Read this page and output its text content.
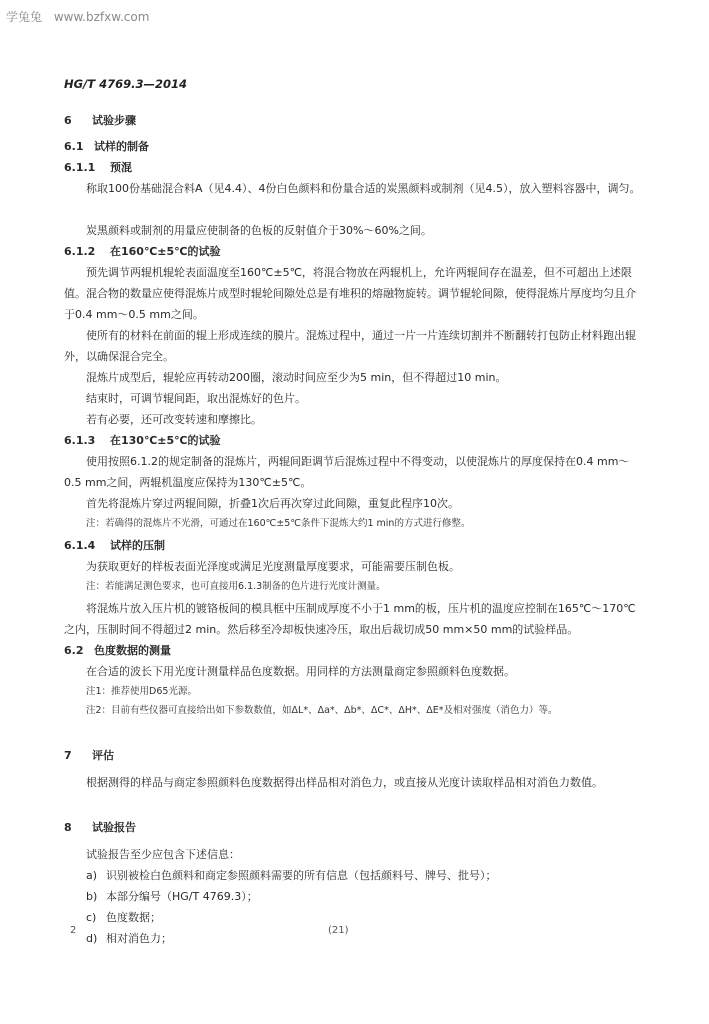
学兔兔 www.bzfxw.com
HG/T 4769.3—2014
6 试验步骤
6.1 试样的制备
6.1.1 预混
称取100份基础混合料A（见4.4）、4份白色颜料和份量合适的炭黑颜料或制剂（见4.5），放入塑料容器中，调匀。
炭黑颜料或制剂的用量应使制备的色板的反射值介于30%～60%之间。
6.1.2 在160℃±5℃的试验
预先调节两辊机辊轮表面温度至160℃±5℃，将混合物放在两辊机上，允许两辊间存在温差，但不可超出上述限值。混合物的数量应使得混炼片成型时辊轮间隙处总是有堆积的熔融物旋转。调节辊轮间隙，使得混炼片厚度均匀且介于0.4 mm～0.5 mm之间。
使所有的材料在前面的辊上形成连续的膜片。混炼过程中，通过一片一片连续切割并不断翻转打包防止材料跑出辊外，以确保混合完全。
混炼片成型后，辊轮应再转动200圈，滚动时间应至少为5 min，但不得超过10 min。
结束时，可调节辊间距，取出混炼好的色片。
若有必要，还可改变转速和摩擦比。
6.1.3 在130℃±5℃的试验
使用按照6.1.2的规定制备的混炼片，两辊间距调节后混炼过程中不得变动，以使混炼片的厚度保持在0.4 mm～0.5 mm之间，两辊机温度应保持为130℃±5℃。
首先将混炼片穿过两辊间隙，折叠1次后再次穿过此间隙，重复此程序10次。
注：若确得的混炼片不光滑，可通过在160℃±5℃条件下混炼大约1 min的方式进行修整。
6.1.4 试样的压制
为获取更好的样板表面光泽度或满足光度测量厚度要求，可能需要压制色板。
注：若能满足测色要求，也可直接用6.1.3制备的色片进行光度计测量。
将混炼片放入压片机的镀铬板间的模具框中压制成厚度不小于1 mm的板，压片机的温度应控制在165℃～170℃之内，压制时间不得超过2 min。然后移至冷却板快速冷压，取出后裁切成50 mm×50 mm的试验样品。
6.2 色度数据的测量
在合适的波长下用光度计测量样品色度数据。用同样的方法测量商定参照颜料色度数据。
注1：推荐使用D65光源。
注2：目前有些仪器可直接给出如下参数数值，如ΔL*、Δa*、Δb*、ΔC*、ΔH*、ΔE*及相对强度（消色力）等。
7 评估
根据测得的样品与商定参照颜料色度数据得出样品相对消色力，或直接从光度计读取样品相对消色力数值。
8 试验报告
试验报告至少应包含下述信息：
a) 识别被检白色颜料和商定参照颜料需要的所有信息（包括颜料号、牌号、批号）；
b) 本部分编号（HG/T 4769.3）；
c) 色度数据；
d) 相对消色力；
2	(21)
